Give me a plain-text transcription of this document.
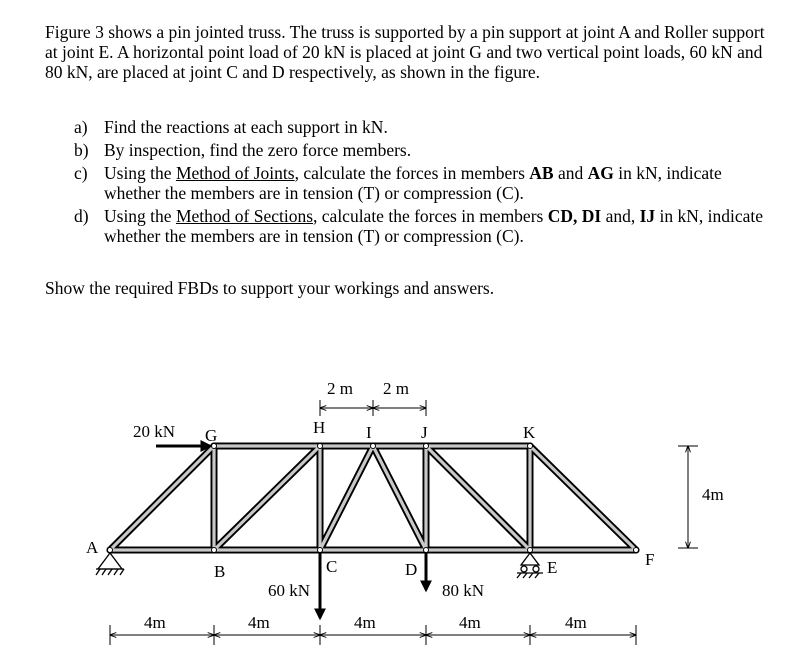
Figure 3 shows a pin jointed truss. The truss is supported by a pin support at joint A and Roller support at joint E. A horizontal point load of 20 kN is placed at joint G and two vertical point loads, 60 kN and 80 kN, are placed at joint C and D respectively, as shown in the figure.
a) Find the reactions at each support in kN.
b) By inspection, find the zero force members.
c) Using the Method of Joints, calculate the forces in members AB and AG in kN, indicate whether the members are in tension (T) or compression (C).
d) Using the Method of Sections, calculate the forces in members CD, DI and, IJ in kN, indicate whether the members are in tension (T) or compression (C).
Show the required FBDs to support your workings and answers.
A
B	C	D	E	F
G	H I	J	K
20 kN
60 kN	80 kN
2 m 2 m
4m
4m	4m	4m	4m	4m
